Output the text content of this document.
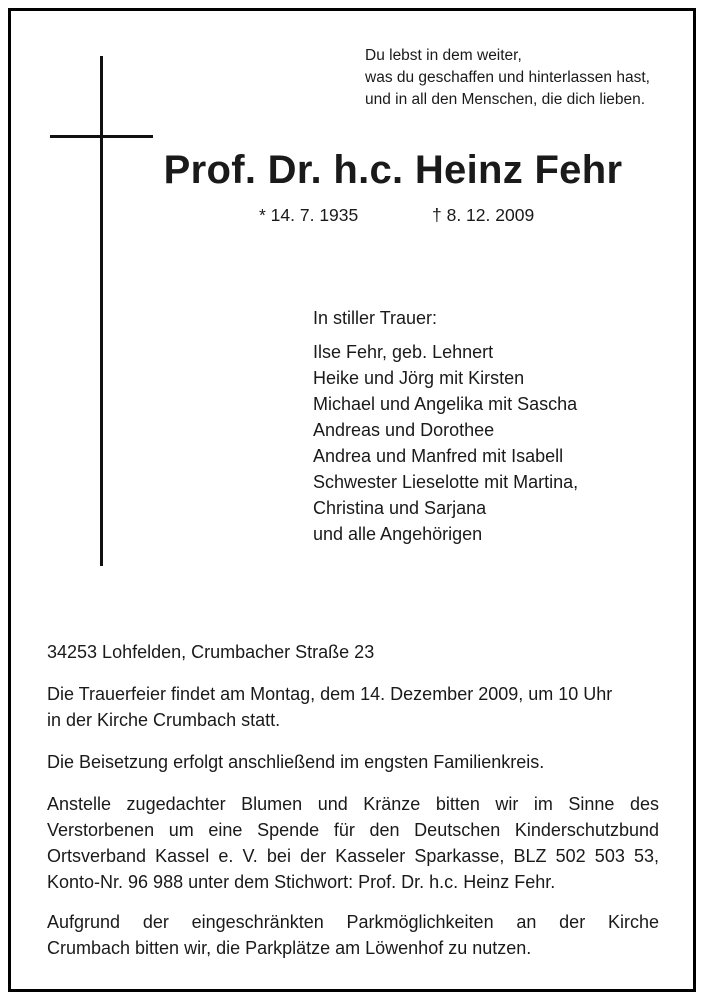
Du lebst in dem weiter,
was du geschaffen und hinterlassen hast,
und in all den Menschen, die dich lieben.
Prof. Dr. h.c. Heinz Fehr
* 14. 7. 1935	† 8. 12. 2009
In stiller Trauer:
Ilse Fehr, geb. Lehnert
Heike und Jörg mit Kirsten
Michael und Angelika mit Sascha
Andreas und Dorothee
Andrea und Manfred mit Isabell
Schwester Lieselotte mit Martina,
Christina und Sarjana
und alle Angehörigen
34253 Lohfelden, Crumbacher Straße 23
Die Trauerfeier findet am Montag, dem 14. Dezember 2009, um 10 Uhr
in der Kirche Crumbach statt.
Die Beisetzung erfolgt anschließend im engsten Familienkreis.
Anstelle zugedachter Blumen und Kränze bitten wir im Sinne des
Verstorbenen um eine Spende für den Deutschen Kinderschutzbund
Ortsverband Kassel e. V. bei der Kasseler Sparkasse, BLZ 502 503 53,
Konto-Nr. 96 988 unter dem Stichwort: Prof. Dr. h.c. Heinz Fehr.
Aufgrund der eingeschränkten Parkmöglichkeiten an der Kirche
Crumbach bitten wir, die Parkplätze am Löwenhof zu nutzen.
